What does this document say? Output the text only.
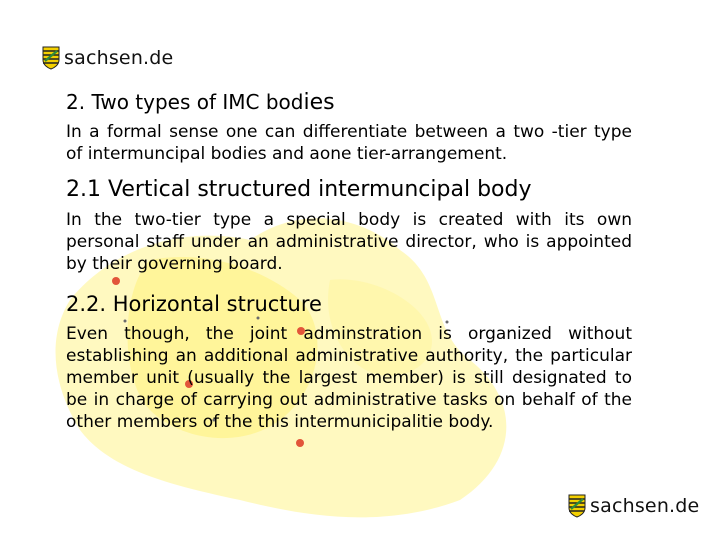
sachsen.de
2. Two types of IMC bodies

In a formal sense one can differentiate between a two -tier type of intermuncipal bodies and aone tier-arrangement.

2.1 Vertical structured intermuncipal body

In the two-tier type a special body is created with its own personal staff under an administrative director, who is appointed by their governing board.

2.2. Horizontal structure

Even though, the joint adminstration is organized without establishing an additional administrative authority, the particular member unit (usually the largest member) is still designated to be in charge of carrying out administrative tasks on behalf of the other members of the this intermunicipalitie body.

sachsen.de
